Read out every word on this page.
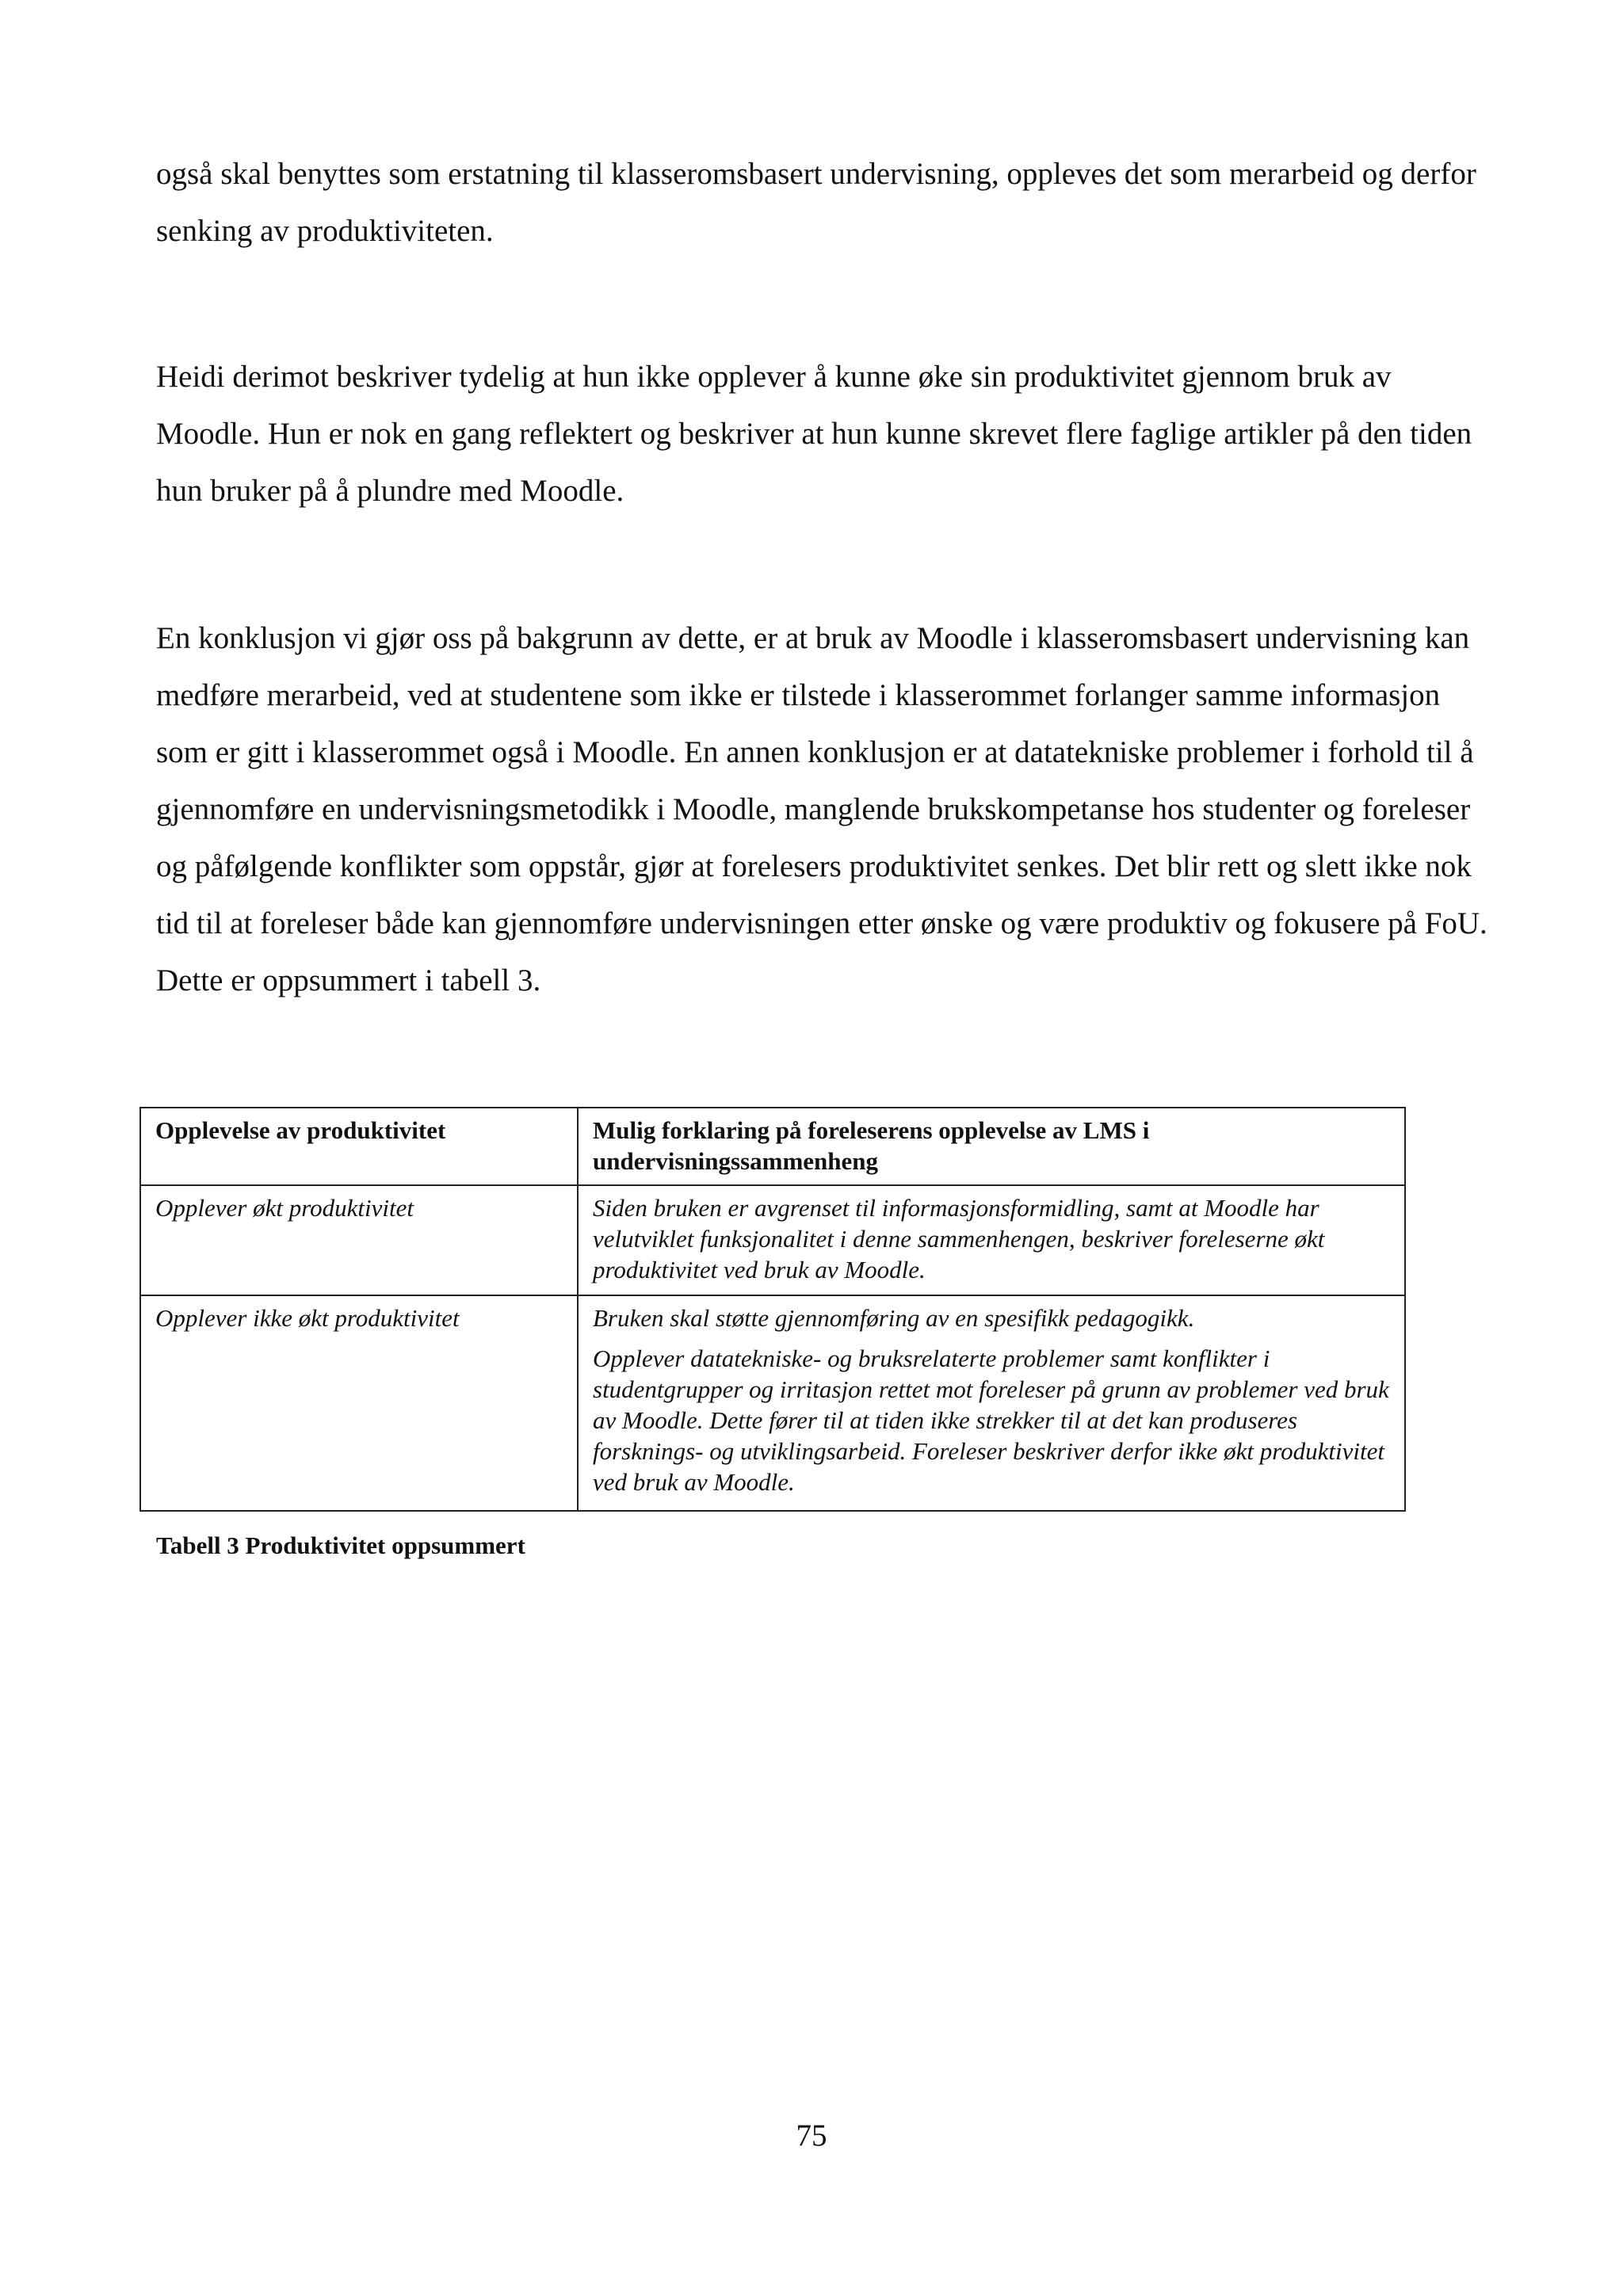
også skal benyttes som erstatning til klasseromsbasert undervisning, oppleves det som merarbeid og derfor senking av produktiviteten.

Heidi derimot beskriver tydelig at hun ikke opplever å kunne øke sin produktivitet gjennom bruk av Moodle. Hun er nok en gang reflektert og beskriver at hun kunne skrevet flere faglige artikler på den tiden hun bruker på å plundre med Moodle.

En konklusjon vi gjør oss på bakgrunn av dette, er at bruk av Moodle i klasseromsbasert undervisning kan medføre merarbeid, ved at studentene som ikke er tilstede i klasserommet forlanger samme informasjon som er gitt i klasserommet også i Moodle. En annen konklusjon er at datatekniske problemer i forhold til å gjennomføre en undervisningsmetodikk i Moodle, manglende brukskompetanse hos studenter og foreleser og påfølgende konflikter som oppstår, gjør at forelesers produktivitet senkes. Det blir rett og slett ikke nok tid til at foreleser både kan gjennomføre undervisningen etter ønske og være produktiv og fokusere på FoU. Dette er oppsummert i tabell 3.

Opplevelse av produktivitet	Mulig forklaring på foreleserens opplevelse av LMS i undervisningssammenheng
Opplever økt produktivitet	Siden bruken er avgrenset til informasjonsformidling, samt at Moodle har velutviklet funksjonalitet i denne sammenhengen, beskriver foreleserne økt produktivitet ved bruk av Moodle.

Opplever ikke økt produktivitet	Bruken skal støtte gjennomføring av en spesifikk pedagogikk.

Opplever datatekniske- og bruksrelaterte problemer samt konflikter i studentgrupper og irritasjon rettet mot foreleser på grunn av problemer ved bruk av Moodle. Dette fører til at tiden ikke strekker til at det kan produseres forsknings- og utviklingsarbeid. Foreleser beskriver derfor ikke økt produktivitet ved bruk av Moodle.

Tabell 3 Produktivitet oppsummert

75
